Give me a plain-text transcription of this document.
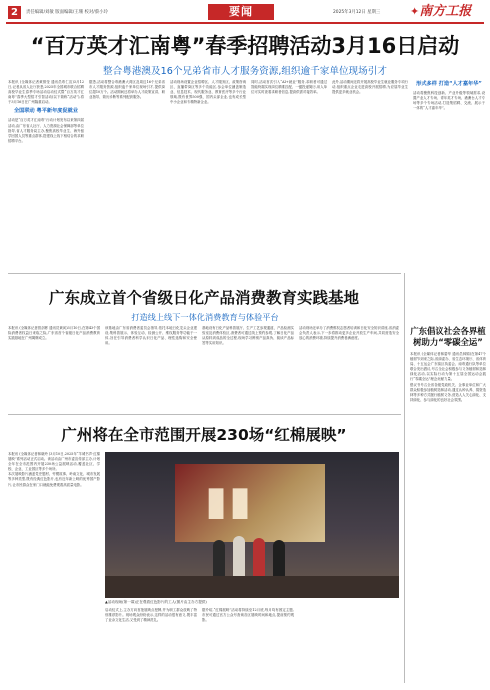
2	责任编辑/刘敏 版面编辑/王珊 校对/蔡小玲	要闻	2025年3月12日 星期三	✦南方工报
“百万英才汇南粤”春季招聘活动3月16日启动
整合粤港澳及16个兄弟省市人才服务资源,组织逾千家单位现场引才
本报讯 (全媒体记者黄祺莹 通讯员粤仁宣)3月12日,记者从省人社厅获悉,2025年全国城市联合招聘高校毕业生春季专场活动启动仪式暨“百万英才汇南粤”春季大型招才引智活动(以下简称“活动”),将于3月16日在广州隆重启动。
全国联动 粤平新年度促就业
活动是“百万英才汇南粤”行动计划发布以来第四届活动,由广东省人社厅、人力资源社会保障部等单位指导,省人才服务局主办,聚焦高校毕业生、海外留学回国人员等重点群体,搭建线上线下相结合的求职招聘平台。
据悉,活动将整合粤港澳大湾区及周边16个兄弟省市人才服务资源,组织逾千家单位现场引才,提供岗位超10万个。活动期间还将举办人才政策宣讲、职业指导、简历诊断等系列配套服务。
活动现场设置企业招聘区、人才服务区、政策咨询区、直播带岗区等多个功能区,参会单位涵盖制造业、信息技术、现代服务业、教育医疗等多个行业领域,既有世界500强、国内头部企业,也有成长型中小企业和专精特新企业。
同时,活动首次引入“AI+就业”服务,求职者可通过智能终端实现岗位精准匹配、一键投递简历,用人单位可实时查看求职者信息,提高供需对接效率。
此外,活动期间还将开展高校毕业生就业服务专项行动,组织重点企业走进高校开展招聘,为应届毕业生提供更多就业机会。
形式多样 打造“人才嘉年华”
活动将聚焦科技创新、产业升级等领域需求,设置产业人才专场、青年英才专场、港澳台人才专场等多个专场活动,打造集招聘、交流、展示于一体的“人才嘉年华”。
广东成立首个省级日化产品消费教育实践基地
打造线上线下一体化消费教育与体验平台
本报讯 (全媒体记者曾剑彬 通讯员黄寅)3月10日,在第43个国际消费者权益日来临之际,广东省首个省级日化产品消费教育实践基地在广州揭牌成立。
该基地由广东省消费者委员会指导,依托本地日化龙头企业建设,集科普展示、体验互动、检测公开、维权服务等功能于一体,旨在引导消费者科学认识日化产品、理性选购和安全使用。
基地设有日化产品科普展厅、生产工艺参观通道、产品检测实验室及消费体验区,消费者可通过线上预约参观,了解日化产品从原料到成品的全过程,现场学习辨别产品真伪、阅读产品标签等实用知识。
活动现场还举办了消费维权志愿者培训和日化安全知识讲座,省消委会负责人表示,下一步将推动更多企业开放生产车间,共同营造安全放心的消费环境,持续提升消费者满意度。
广州将在全市范围开展230场“红棉展映”
本报讯 (全媒体记者林晓玲 )3月10日,2025年“羊城书声·红棉展映”系列活动正式启动。该活动由广州市委宣传部主办,计划全年在全市范围内开展230场公益展映活动,覆盖社区、学校、企业、工业园区等多个场所。
本次展映影片涵盖党史题材、劳模故事、岭南文化、城市发展等多种类型,既有经典红色影片,也有近年新上映的优秀国产影片,让市民群众在家门口就能免费观看高质量电影。	▮▮
▲活动现场(第一幕)正在观看红色影片的工人(图片由主办方提供)
启动仪式上,主办方向首批展映点授牌,并为职工群众放映了特别推荐影片。现场观众纷纷表示,这样的活动很有意义,既丰富了业余文化生活,又受到了精神洗礼。
据介绍,“红棉展映”活动将持续至12月底,每月均有固定主题,市民可通过官方公众号查询各区展映时间和地点,提前预约观影。
广东倡议社会各界植树助力“零碳全运”
本报讯 (全媒体记者林碧华 通讯员林锦)在第47个植树节到来之际,省绿委办、省生态环境厅、省体育局、十五运会广东赛区执委会、南粤通行队等单位联合发出倡议,号召全社会积极参与义务植树和造林绿化活动,以实际行动为第十五届全国运动会践行“零碳全运”理念贡献力量。
倡议书号召全省各级党政机关、企事业单位和广大群众积极参加植树造林活动,通过认种认养、捐资造林等多种方式履行植树义务,营造人人关心绿化、支持绿化、参与绿化的良好社会氛围。
